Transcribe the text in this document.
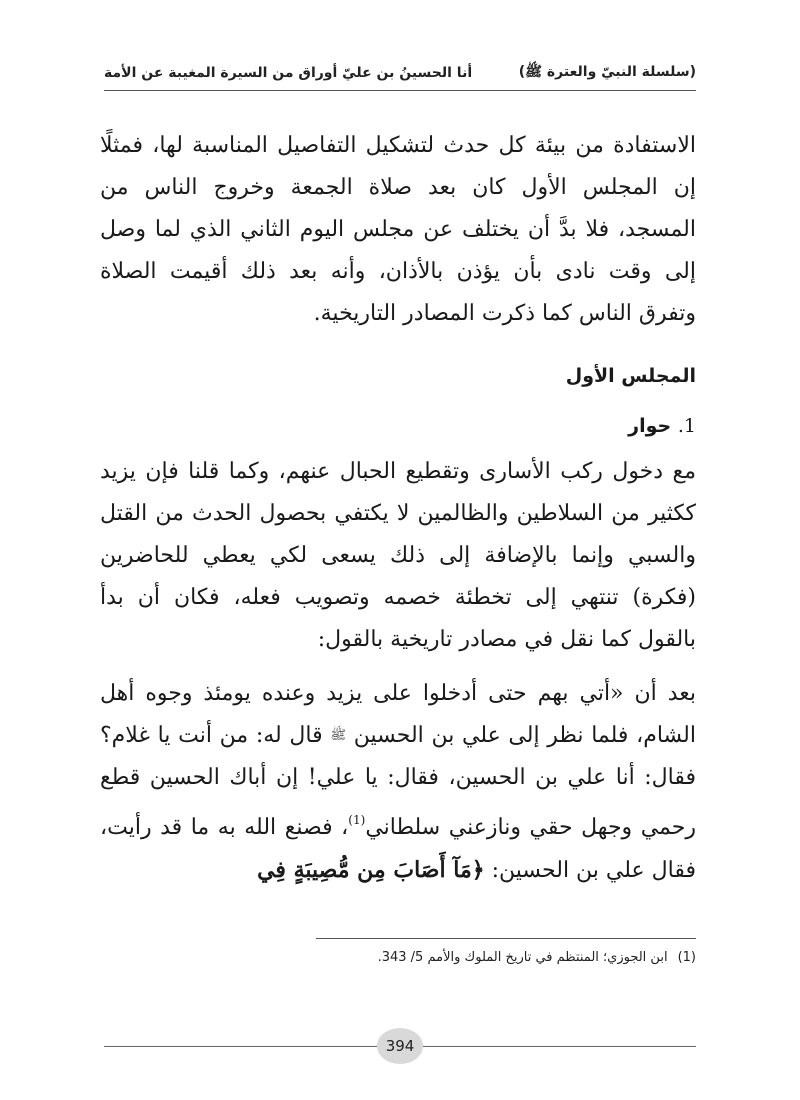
(سلسلة النبيّ والعترة ﷺ)
أنا الحسينُ بن عليّ أوراق من السيرة المغيبة عن الأمة

الاستفادة من بيئة كل حدث لتشكيل التفاصيل المناسبة لها، فمثلًا إن المجلس الأول كان بعد صلاة الجمعة وخروج الناس من المسجد، فلا بدَّ أن يختلف عن مجلس اليوم الثاني الذي لما وصل إلى وقت نادى بأن يؤذن بالأذان، وأنه بعد ذلك أقيمت الصلاة وتفرق الناس كما ذكرت المصادر التاريخية.

المجلس الأول
1. حوار

مع دخول ركب الأسارى وتقطيع الحبال عنهم، وكما قلنا فإن يزيد ككثير من السلاطين والظالمين لا يكتفي بحصول الحدث من القتل والسبي وإنما بالإضافة إلى ذلك يسعى لكي يعطي للحاضرين (فكرة) تنتهي إلى تخطئة خصمه وتصويب فعله، فكان أن بدأ بالقول كما نقل في مصادر تاريخية بالقول:

بعد أن «أتي بهم حتى أدخلوا على يزيد وعنده يومئذ وجوه أهل الشام، فلما نظر إلى علي بن الحسين ﷺ قال له: من أنت يا غلام؟ فقال: أنا علي بن الحسين، فقال: يا علي! إن أباك الحسين قطع رحمي وجهل حقي ونازعني سلطاني$^{(1)}$، فصنع الله به ما قد رأيت، فقال علي بن الحسين: ﴿مَآ أَصَابَ مِن مُّصِيبَةٍ فِي

(1)
ابن الجوزي؛ المنتظم في تاريخ الملوك والأمم 5/ 343.
394
